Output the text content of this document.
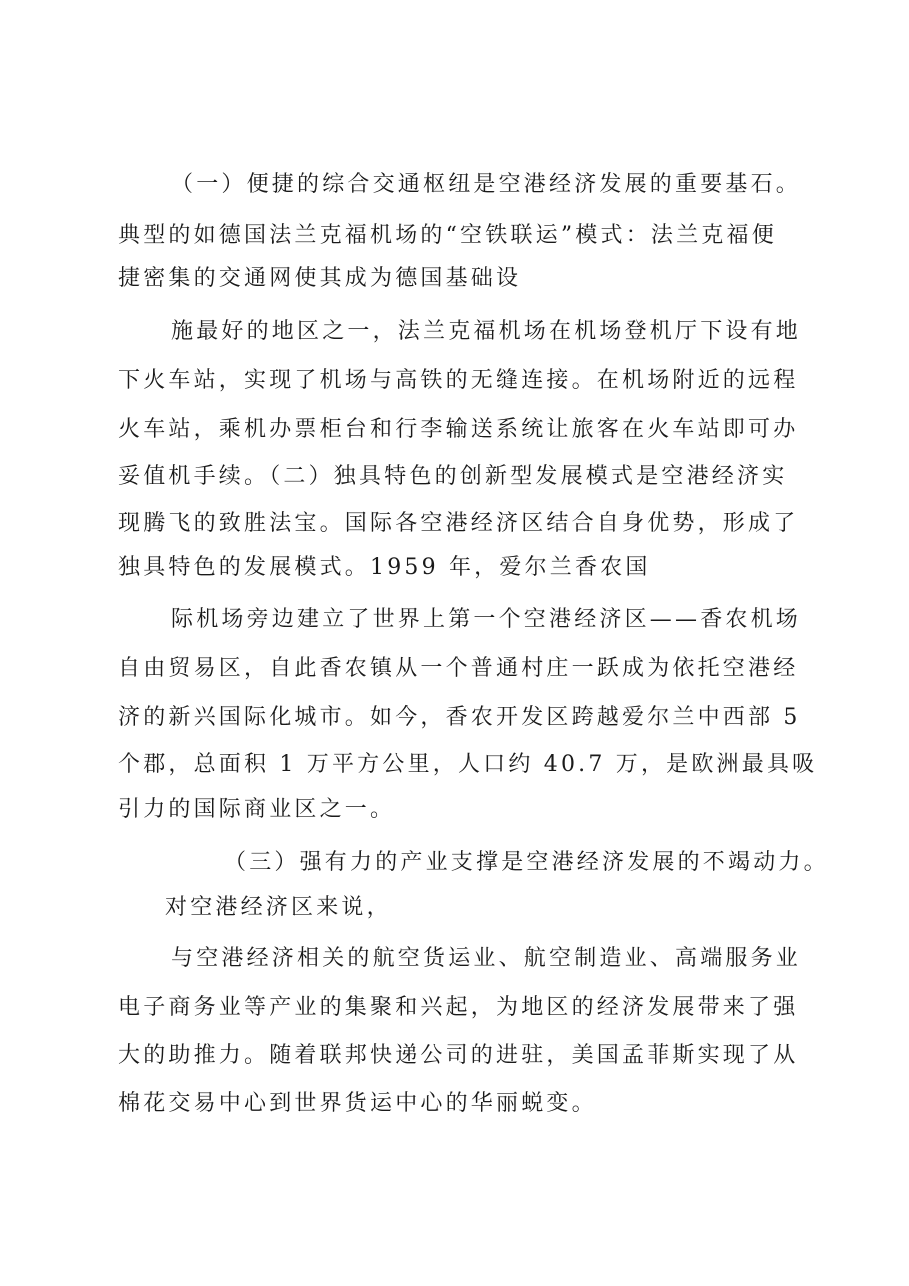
（一）便捷的综合交通枢纽是空港经济发展的重要基石。
典型的如德国法兰克福机场的“空铁联运”模式：法兰克福便
捷密集的交通网使其成为德国基础设
施最好的地区之一，法兰克福机场在机场登机厅下设有地
下火车站，实现了机场与高铁的无缝连接。在机场附近的远程
火车站，乘机办票柜台和行李输送系统让旅客在火车站即可办
妥值机手续。（二）独具特色的创新型发展模式是空港经济实
现腾飞的致胜法宝。国际各空港经济区结合自身优势，形成了
独具特色的发展模式。1959 年，爱尔兰香农国
际机场旁边建立了世界上第一个空港经济区——香农机场
自由贸易区，自此香农镇从一个普通村庄一跃成为依托空港经
济的新兴国际化城市。如今，香农开发区跨越爱尔兰中西部 5
个郡，总面积 1 万平方公里，人口约 40.7 万，是欧洲最具吸
引力的国际商业区之一。
（三）强有力的产业支撑是空港经济发展的不竭动力。
对空港经济区来说，
与空港经济相关的航空货运业、航空制造业、高端服务业
电子商务业等产业的集聚和兴起，为地区的经济发展带来了强
大的助推力。随着联邦快递公司的进驻，美国孟菲斯实现了从
棉花交易中心到世界货运中心的华丽蜕变。
